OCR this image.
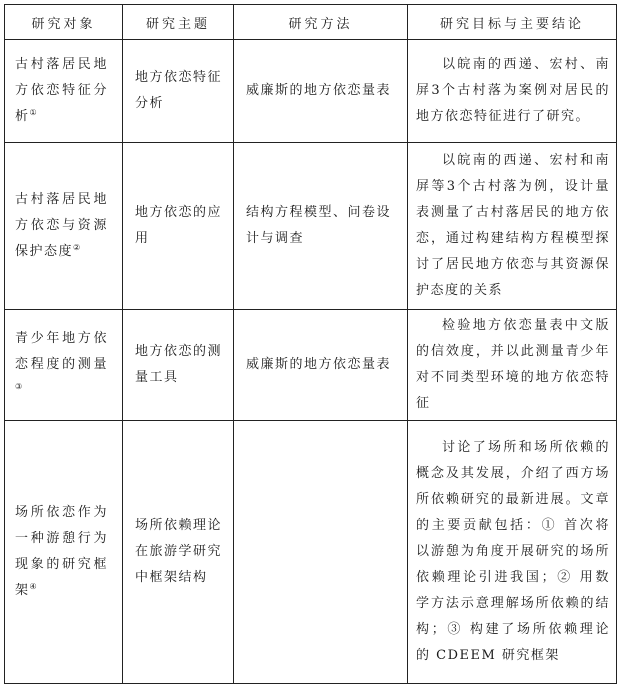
研究对象	研究主题	研究方法	研究目标与主要结论
古村落居民地方依恋特征分析①	地方依恋特征分析	威廉斯的地方依恋量表	以皖南的西递、宏村、南屏3个古村落为案例对居民的地方依恋特征进行了研究。
古村落居民地方依恋与资源保护态度②	地方依恋的应用	结构方程模型、问卷设计与调查	以皖南的西递、宏村和南屏等3个古村落为例，设计量表测量了古村落居民的地方依恋，通过构建结构方程模型探讨了居民地方依恋与其资源保护态度的关系
青少年地方依恋程度的测量③	地方依恋的测量工具	威廉斯的地方依恋量表	检验地方依恋量表中文版的信效度，并以此测量青少年对不同类型环境的地方依恋特征
场所依恋作为一种游憩行为现象的研究框架④	场所依赖理论在旅游学研究中框架结构		讨论了场所和场所依赖的概念及其发展，介绍了西方场所依赖研究的最新进展。文章的主要贡献包括：① 首次将以游憩为角度开展研究的场所依赖理论引进我国；② 用数学方法示意理解场所依赖的结构；③ 构建了场所依赖理论的 CDEEM 研究框架
